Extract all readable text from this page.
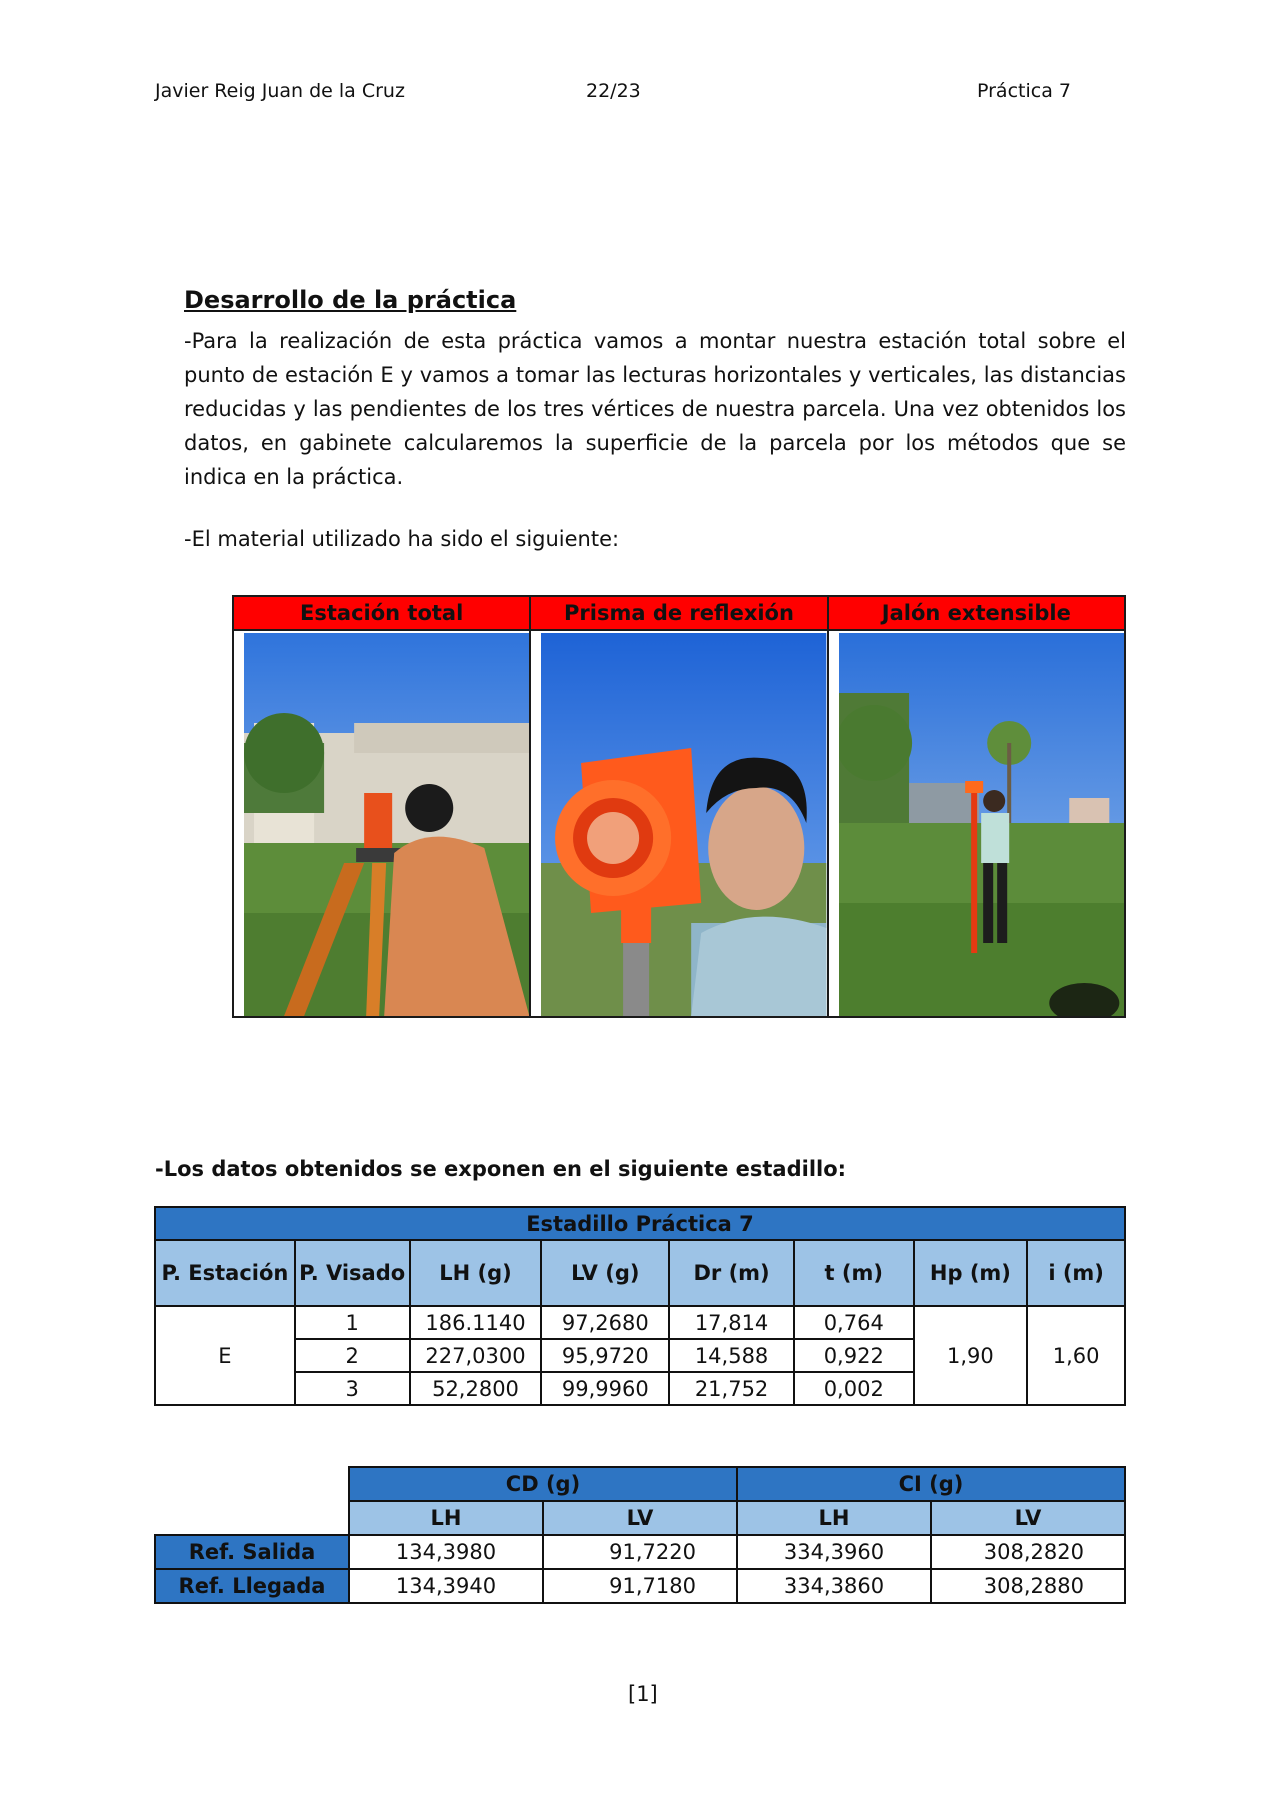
Javier Reig Juan de la Cruz	22/23	Práctica 7
Desarrollo de la práctica

-Para la realización de esta práctica vamos a montar nuestra estación total sobre el punto de estación E y vamos a tomar las lecturas horizontales y verticales, las distancias reducidas y las pendientes de los tres vértices de nuestra parcela. Una vez obtenidos los datos, en gabinete calcularemos la superficie de la parcela por los métodos que se indica en la práctica.

-El material utilizado ha sido el siguiente:
Estación total	Prisma de reflexión	Jalón extensible
-Los datos obtenidos se exponen en el siguiente estadillo:
Estadillo Práctica 7							
P. Estación	P. Visado	LH (g)	LV (g)	Dr (m)	t (m)	Hp (m)	i (m)
E	1	186.1140	97,2680	17,814	0,764	1,90	1,60
	2	227,0300	95,9720	14,588	0,922		
	3	52,2800	99,9960	21,752	0,002		
	CD (g)		CI (g)	
	LH	LV	LH	LV
Ref. Salida	134,3980	91,7220	334,3960	308,2820
Ref. Llegada	134,3940	91,7180	334,3860	308,2880
[1]
